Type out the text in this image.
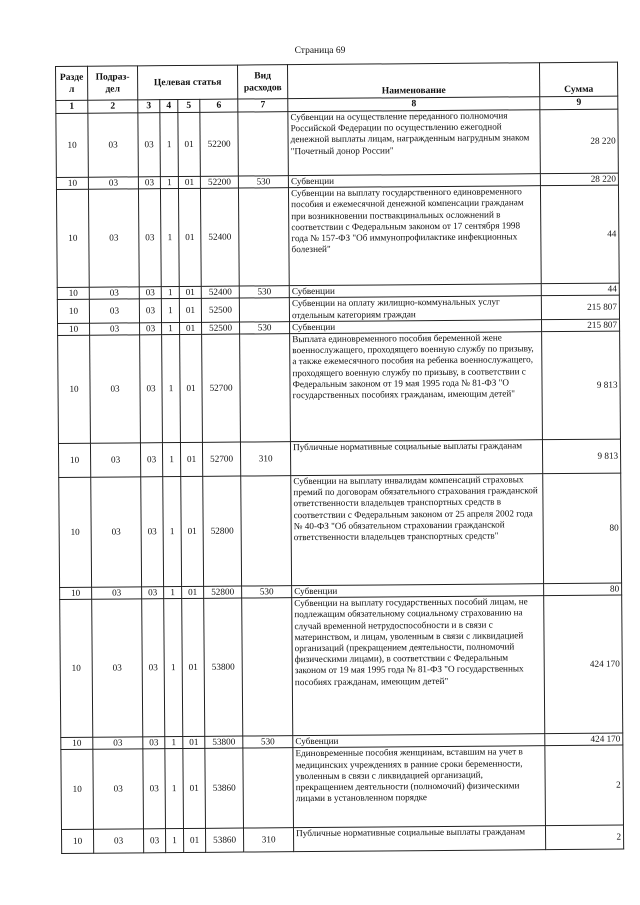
Страница 69
Разде л	Подраз- дел	Целевая статья				Вид расходов	Наименование	Сумма
1	2	3	4	5	6	7	8	9
10	03	03	1	01	52200		Субвенции на осуществление переданного полномочия Российской Федерации по осуществлению ежегодной денежной выплаты лицам, награжденным нагрудным знаком "Почетный донор России"	28 220
10	03	03	1	01	52200	530	Субвенции	28 220
10	03	03	1	01	52400		Субвенции на выплату государственного единовременного пособия и ежемесячной денежной компенсации гражданам при возникновении поствакцинальных осложнений в соответствии с Федеральным законом от 17 сентября 1998 года № 157-ФЗ "Об иммунопрофилактике инфекционных болезней"	44
10	03	03	1	01	52400	530	Субвенции	44
10	03	03	1	01	52500		Субвенции на оплату жилищно-коммунальных услуг отдельным категориям граждан	215 807
10	03	03	1	01	52500	530	Субвенции	215 807
10	03	03	1	01	52700		Выплата единовременного пособия беременной жене военнослужащего, проходящего военную службу по призыву, а также ежемесячного пособия на ребенка военнослужащего, проходящего военную службу по призыву, в соответствии с Федеральным законом от 19 мая 1995 года № 81-ФЗ "О государственных пособиях гражданам, имеющим детей"	9 813
10	03	03	1	01	52700	310	Публичные нормативные социальные выплаты гражданам	9 813
10	03	03	1	01	52800		Субвенции на выплату инвалидам компенсаций страховых премий по договорам обязательного страхования гражданской ответственности владельцев транспортных средств в соответствии с Федеральным законом от 25 апреля 2002 года № 40-ФЗ "Об обязательном страховании гражданской ответственности владельцев транспортных средств"	80
10	03	03	1	01	52800	530	Субвенции	80
10	03	03	1	01	53800		Субвенции на выплату государственных пособий лицам, не подлежащим обязательному социальному страхованию на случай временной нетрудоспособности и в связи с материнством, и лицам, уволенным в связи с ликвидацией организаций (прекращением деятельности, полномочий физическими лицами), в соответствии с Федеральным законом от 19 мая 1995 года № 81-ФЗ "О государственных пособиях гражданам, имеющим детей"	424 170
10	03	03	1	01	53800	530	Субвенции	424 170
10	03	03	1	01	53860		Единовременные пособия женщинам, вставшим на учет в медицинских учреждениях в ранние сроки беременности, уволенным в связи с ликвидацией организаций, прекращением деятельности (полномочий) физическими лицами в установленном порядке	2
10	03	03	1	01	53860	310	Публичные нормативные социальные выплаты гражданам	2
